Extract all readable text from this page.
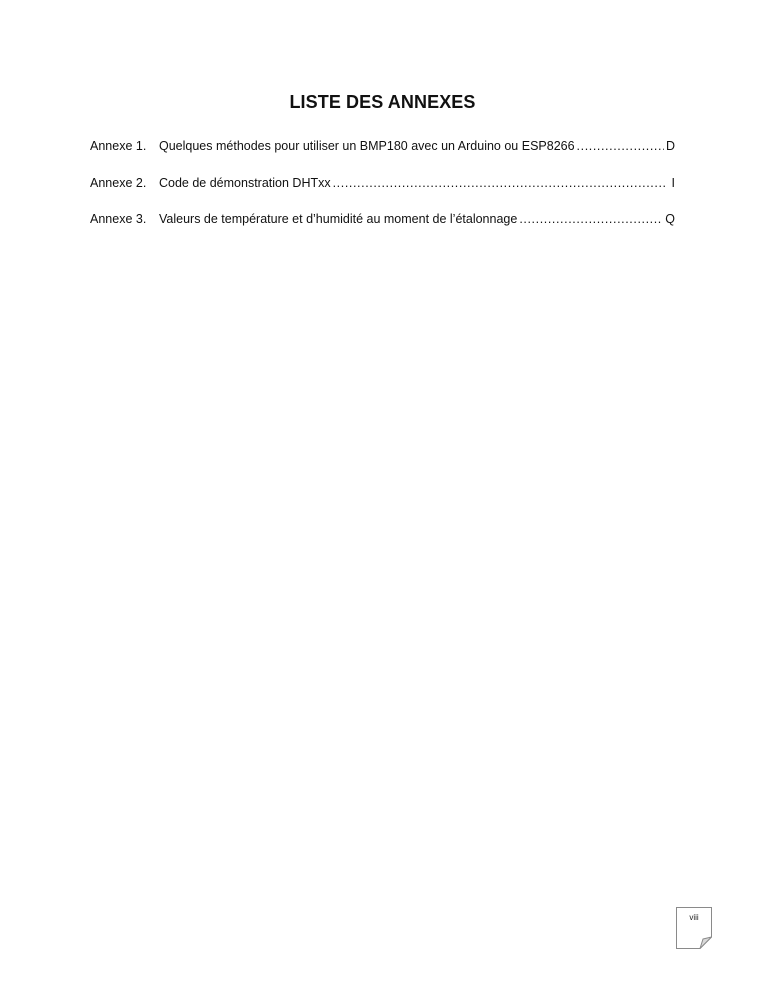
LISTE DES ANNEXES
Annexe 1.	Quelques méthodes pour utiliser un BMP180 avec un Arduino ou ESP8266 .....	D
Annexe 2.	Code de démonstration DHTxx .....	I
Annexe 3.	Valeurs de température et d’humidité au moment de l’étalonnage .....	Q
viii
